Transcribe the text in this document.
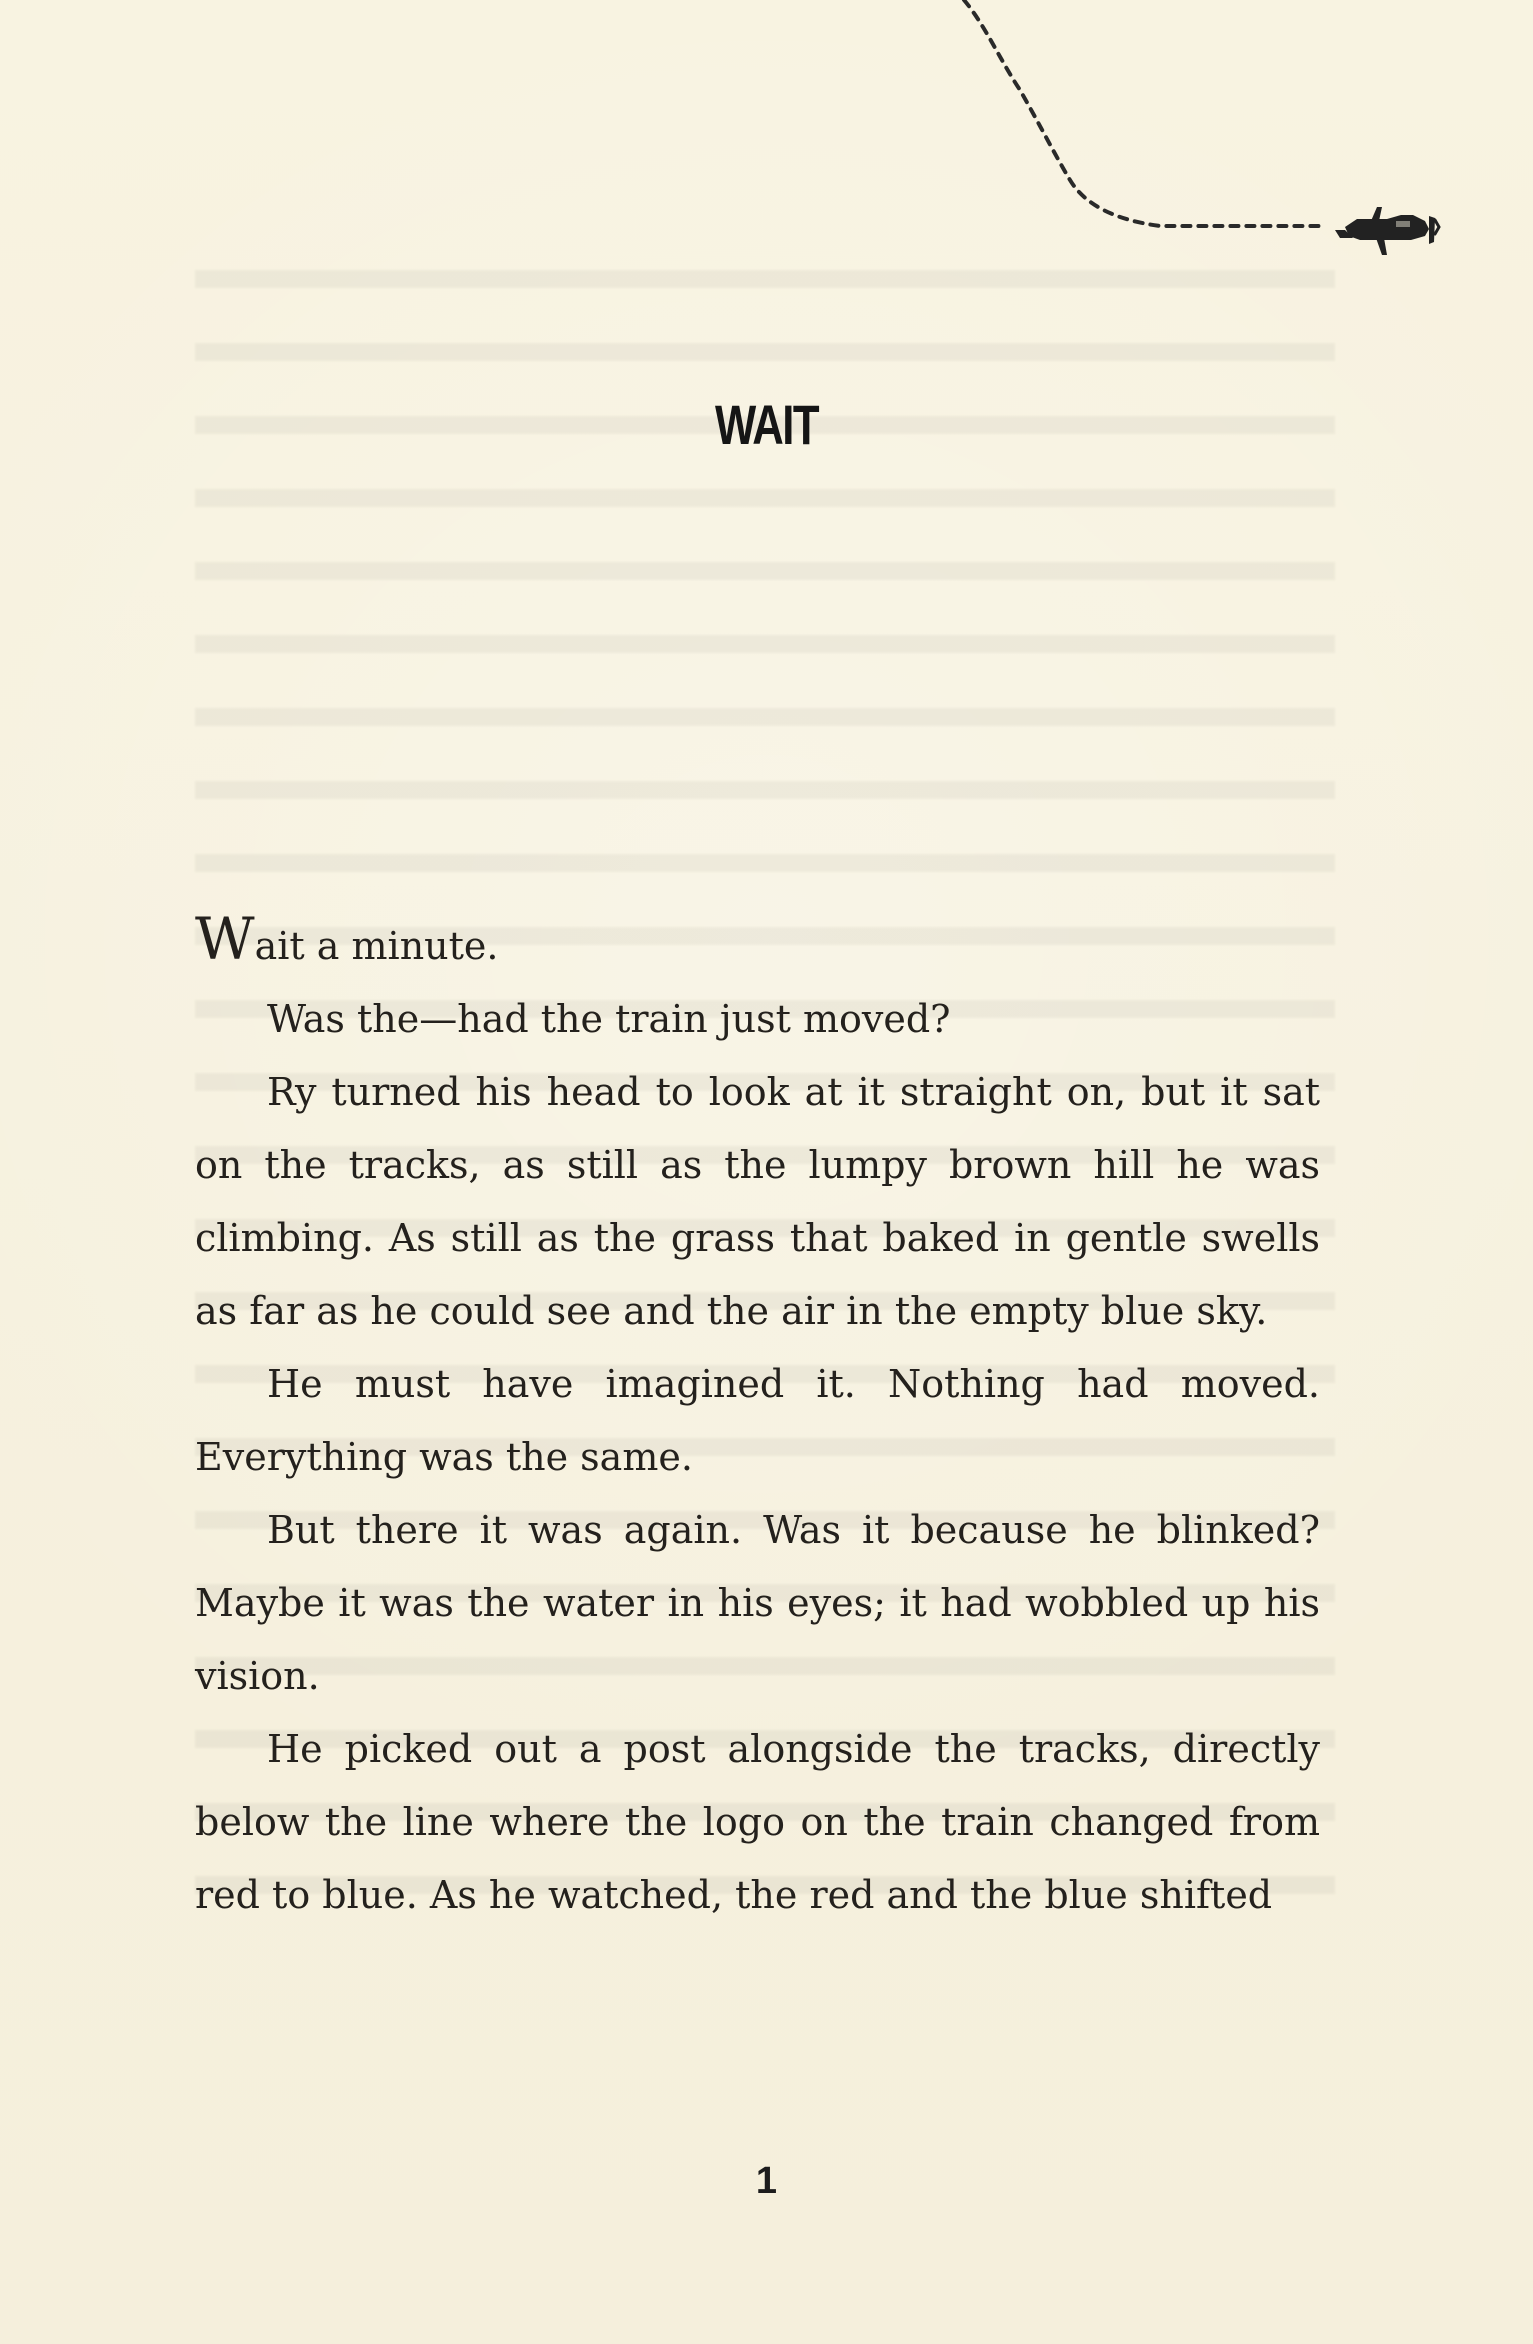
WAIT

Wait a minute.

Was the—had the train just moved?

Ry turned his head to look at it straight on, but it sat on the tracks, as still as the lumpy brown hill he was climbing. As still as the grass that baked in gentle swells as far as he could see and the air in the empty blue sky.

He must have imagined it. Nothing had moved. Everything was the same.

But there it was again. Was it because he blinked? Maybe it was the water in his eyes; it had wobbled up his vision.

He picked out a post alongside the tracks, directly below the line where the logo on the train changed from red to blue. As he watched, the red and the blue shifted

1
